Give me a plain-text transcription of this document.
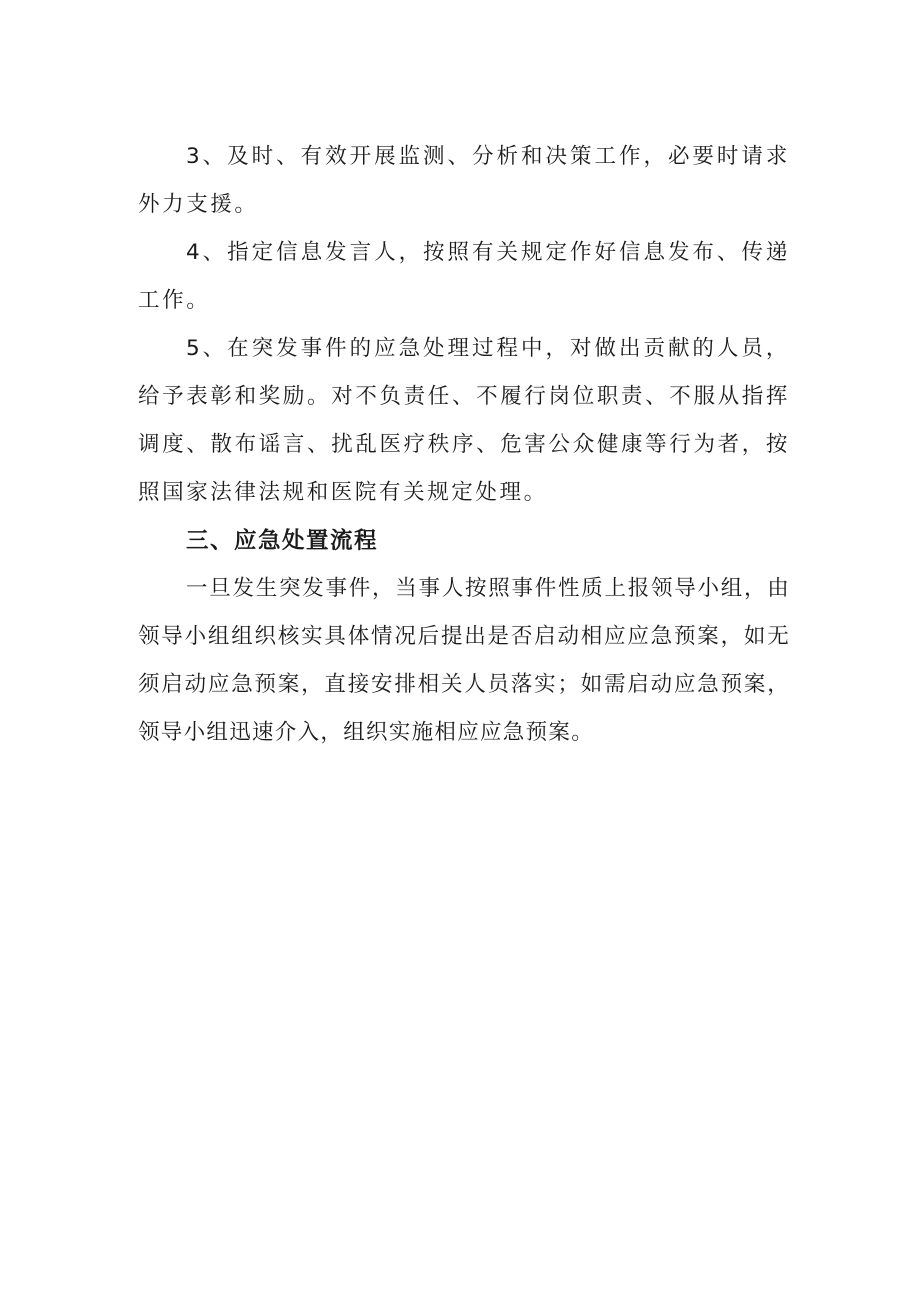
3、及时、有效开展监测、分析和决策工作，必要时请求外力支援。

4、指定信息发言人，按照有关规定作好信息发布、传递工作。

5、在突发事件的应急处理过程中，对做出贡献的人员，给予表彰和奖励。对不负责任、不履行岗位职责、不服从指挥调度、散布谣言、扰乱医疗秩序、危害公众健康等行为者，按照国家法律法规和医院有关规定处理。

三、应急处置流程

一旦发生突发事件，当事人按照事件性质上报领导小组，由领导小组组织核实具体情况后提出是否启动相应应急预案，如无须启动应急预案，直接安排相关人员落实；如需启动应急预案，领导小组迅速介入，组织实施相应应急预案。
